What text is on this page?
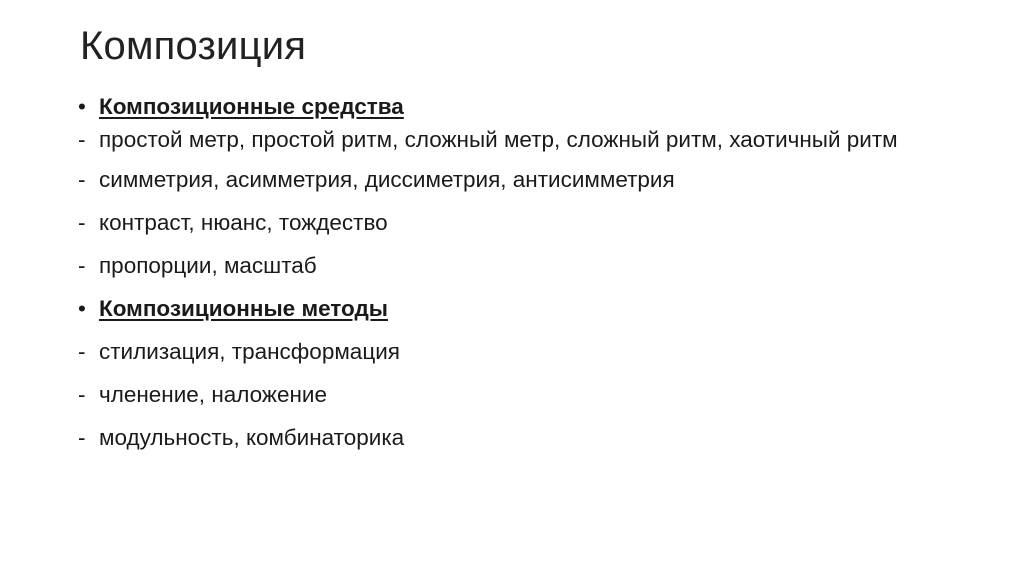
Композиция
• Композиционные средства
- простой метр, простой ритм, сложный метр, сложный ритм, хаотичный ритм
- симметрия, асимметрия, диссиметрия, антисимметрия
- контраст, нюанс, тождество
- пропорции, масштаб
• Композиционные методы
- стилизация, трансформация
- членение, наложение
- модульность, комбинаторика
